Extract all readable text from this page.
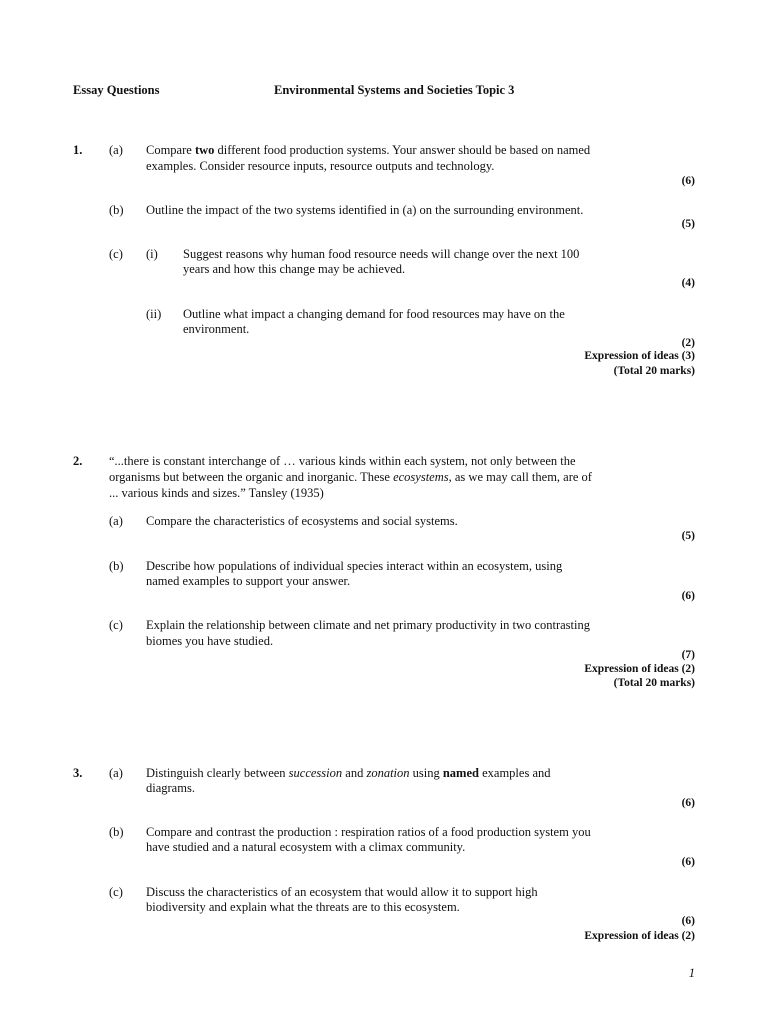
Essay Questions	Environmental Systems and Societies Topic 3
1. (a) Compare two different food production systems. Your answer should be based on named
examples. Consider resource inputs, resource outputs and technology.
(6)
(b) Outline the impact of the two systems identified in (a) on the surrounding environment.
(5)
(c) (i) Suggest reasons why human food resource needs will change over the next 100
years and how this change may be achieved.
(4)
(ii) Outline what impact a changing demand for food resources may have on the
environment.
(2)
Expression of ideas (3)
(Total 20 marks)
2. “...there is constant interchange of … various kinds within each system, not only between the
organisms but between the organic and inorganic. These ecosystems, as we may call them, are of
... various kinds and sizes.” Tansley (1935)
(a) Compare the characteristics of ecosystems and social systems.
(5)
(b) Describe how populations of individual species interact within an ecosystem, using
named examples to support your answer.
(6)
(c) Explain the relationship between climate and net primary productivity in two contrasting
biomes you have studied.
(7)
Expression of ideas (2)
(Total 20 marks)
3. (a) Distinguish clearly between succession and zonation using named examples and
diagrams.
(6)
(b) Compare and contrast the production : respiration ratios of a food production system you
have studied and a natural ecosystem with a climax community.
(6)
(c) Discuss the characteristics of an ecosystem that would allow it to support high
biodiversity and explain what the threats are to this ecosystem.
(6)
Expression of ideas (2)
1
